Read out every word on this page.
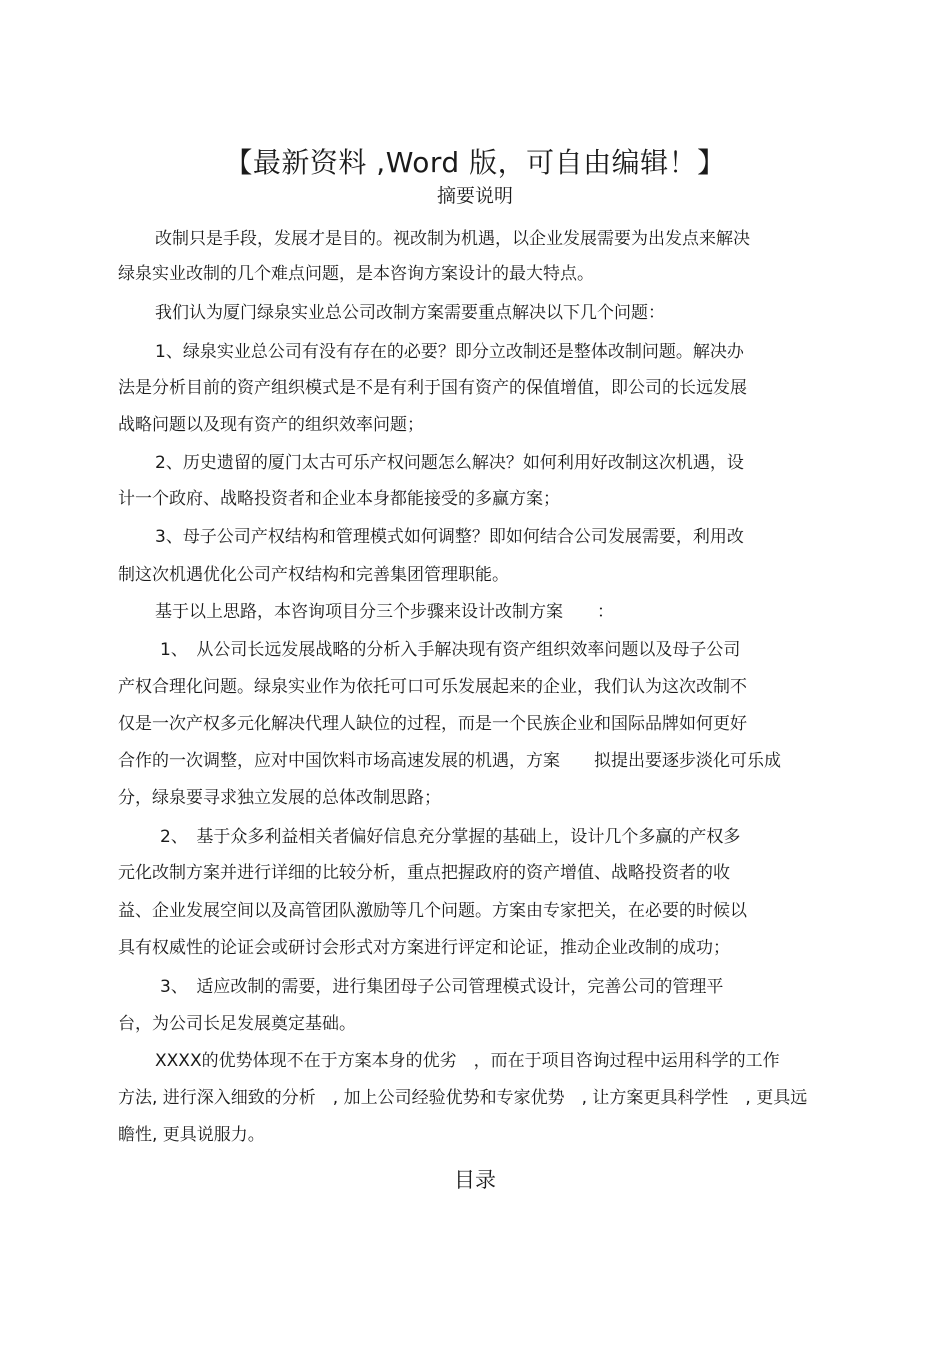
【最新资料 ,Word 版，可自由编辑！】
摘要说明
改制只是手段，发展才是目的。视改制为机遇，以企业发展需要为出发点来解决
绿泉实业改制的几个难点问题，是本咨询方案设计的最大特点。
我们认为厦门绿泉实业总公司改制方案需要重点解决以下几个问题：
1、绿泉实业总公司有没有存在的必要？即分立改制还是整体改制问题。解决办
法是分析目前的资产组织模式是不是有利于国有资产的保值增值，即公司的长远发展
战略问题以及现有资产的组织效率问题；
2、历史遗留的厦门太古可乐产权问题怎么解决？如何利用好改制这次机遇，设
计一个政府、战略投资者和企业本身都能接受的多赢方案；
3、母子公司产权结构和管理模式如何调整？即如何结合公司发展需要，利用改
制这次机遇优化公司产权结构和完善集团管理职能。
基于以上思路，本咨询项目分三个步骤来设计改制方案　　：
1、　从公司长远发展战略的分析入手解决现有资产组织效率问题以及母子公司
产权合理化问题。绿泉实业作为依托可口可乐发展起来的企业，我们认为这次改制不
仅是一次产权多元化解决代理人缺位的过程，而是一个民族企业和国际品牌如何更好
合作的一次调整，应对中国饮料市场高速发展的机遇，方案　　拟提出要逐步淡化可乐成
分，绿泉要寻求独立发展的总体改制思路；
2、　基于众多利益相关者偏好信息充分掌握的基础上，设计几个多赢的产权多
元化改制方案并进行详细的比较分析，重点把握政府的资产增值、战略投资者的收
益、企业发展空间以及高管团队激励等几个问题。方案由专家把关，在必要的时候以
具有权威性的论证会或研讨会形式对方案进行评定和论证，推动企业改制的成功；
3、　适应改制的需要，进行集团母子公司管理模式设计，完善公司的管理平
台，为公司长足发展奠定基础。
XXXX的优势体现不在于方案本身的优劣　，而在于项目咨询过程中运用科学的工作
方法, 进行深入细致的分析　, 加上公司经验优势和专家优势　, 让方案更具科学性　, 更具远
瞻性, 更具说服力。
目录
